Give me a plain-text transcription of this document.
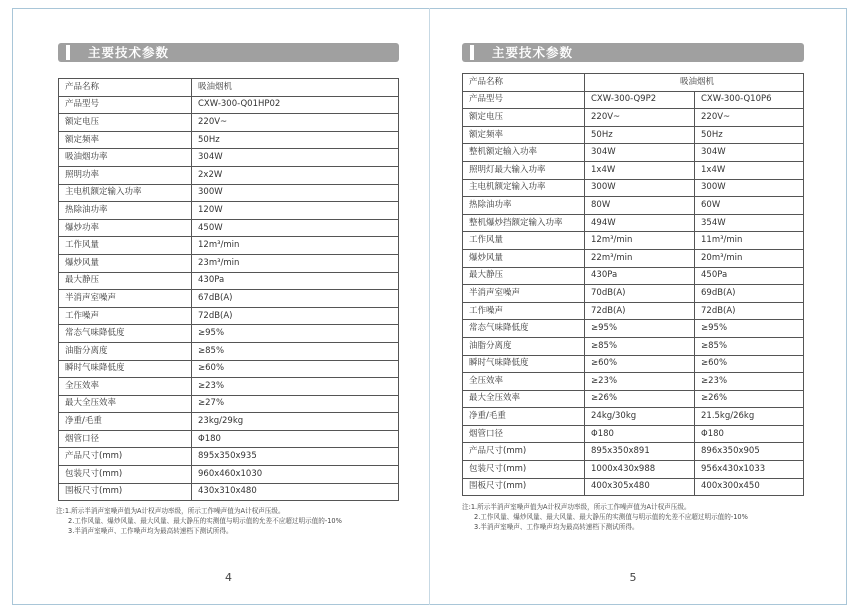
主要技术参数
产品名称	吸油烟机
产品型号	CXW-300-Q01HP02
额定电压	220V~
额定频率	50Hz
吸油烟功率	304W
照明功率	2x2W
主电机额定输入功率	300W
热除油功率	120W
爆炒功率	450W
工作风量	12m³/min
爆炒风量	23m³/min
最大静压	430Pa
半消声室噪声	67dB(A)
工作噪声	72dB(A)
常态气味降低度	≥95%
油脂分离度	≥85%
瞬时气味降低度	≥60%
全压效率	≥23%
最大全压效率	≥27%
净重/毛重	23kg/29kg
烟管口径	Φ180
产品尺寸(mm)	895x350x935
包装尺寸(mm)	960x460x1030
围板尺寸(mm)	430x310x480
注:1.所示半消声室噪声值为A计权声功率级，所示工作噪声值为A计权声压级。
2.工作风量、爆炒风量、最大风量、最大静压的实测值与明示值的允差不应超过明示值的-10%
3.半消声室噪声、工作噪声均为最高转速档下测试所得。
4
主要技术参数
产品名称	吸油烟机	
产品型号	CXW-300-Q9P2	CXW-300-Q10P6
额定电压	220V~	220V~
额定频率	50Hz	50Hz
整机额定输入功率	304W	304W
照明灯最大输入功率	1x4W	1x4W
主电机额定输入功率	300W	300W
热除油功率	80W	60W
整机爆炒挡额定输入功率	494W	354W
工作风量	12m³/min	11m³/min
爆炒风量	22m³/min	20m³/min
最大静压	430Pa	450Pa
半消声室噪声	70dB(A)	69dB(A)
工作噪声	72dB(A)	72dB(A)
常态气味降低度	≥95%	≥95%
油脂分离度	≥85%	≥85%
瞬时气味降低度	≥60%	≥60%
全压效率	≥23%	≥23%
最大全压效率	≥26%	≥26%
净重/毛重	24kg/30kg	21.5kg/26kg
烟管口径	Φ180	Φ180
产品尺寸(mm)	895x350x891	896x350x905
包装尺寸(mm)	1000x430x988	956x430x1033
围板尺寸(mm)	400x305x480	400x300x450
注:1.所示半消声室噪声值为A计权声功率级，所示工作噪声值为A计权声压级。
2.工作风量、爆炒风量、最大风量、最大静压的实测值与明示值的允差不应超过明示值的-10%
3.半消声室噪声、工作噪声均为最高转速档下测试所得。
5
